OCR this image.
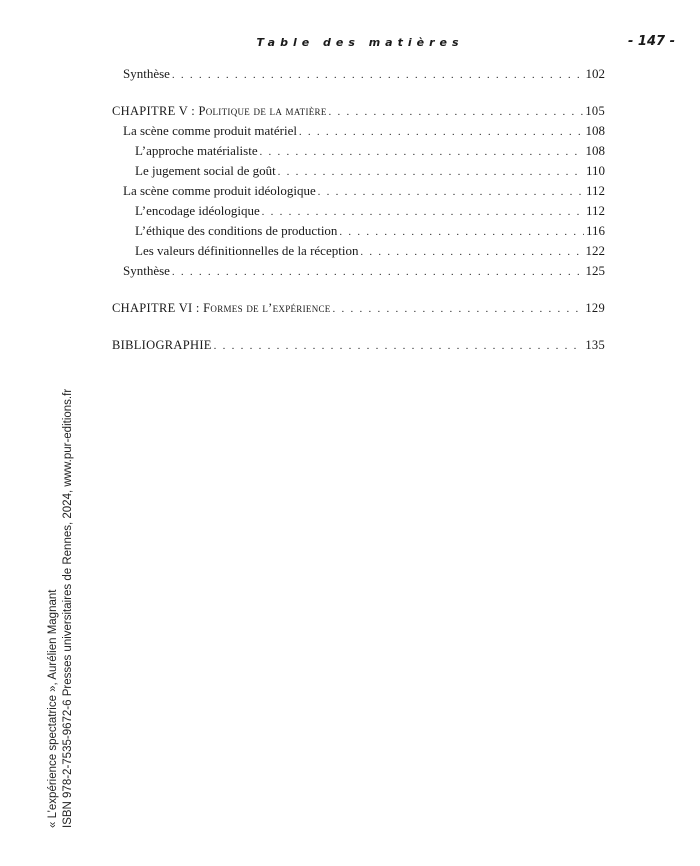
Table des matières	- 147 -
Synthèse . . .	102
CHAPITRE V : Politique de la matière . . .	105
La scène comme produit matériel . . .	108
L’approche matérialiste . . .	108
Le jugement social de goût . . .	110
La scène comme produit idéologique . . .	112
L’encodage idéologique . . .	112
L’éthique des conditions de production . . .	116
Les valeurs définitionnelles de la réception . . .	122
Synthèse . . .	125
CHAPITRE VI : Formes de l’expérience . . .	129
BIBLIOGRAPHIE . . .	135
« L’expérience spectatrice », Aurélien Magnant ISBN 978-2-7535-9672-6 Presses universitaires de Rennes, 2024, www.pur-editions.fr
